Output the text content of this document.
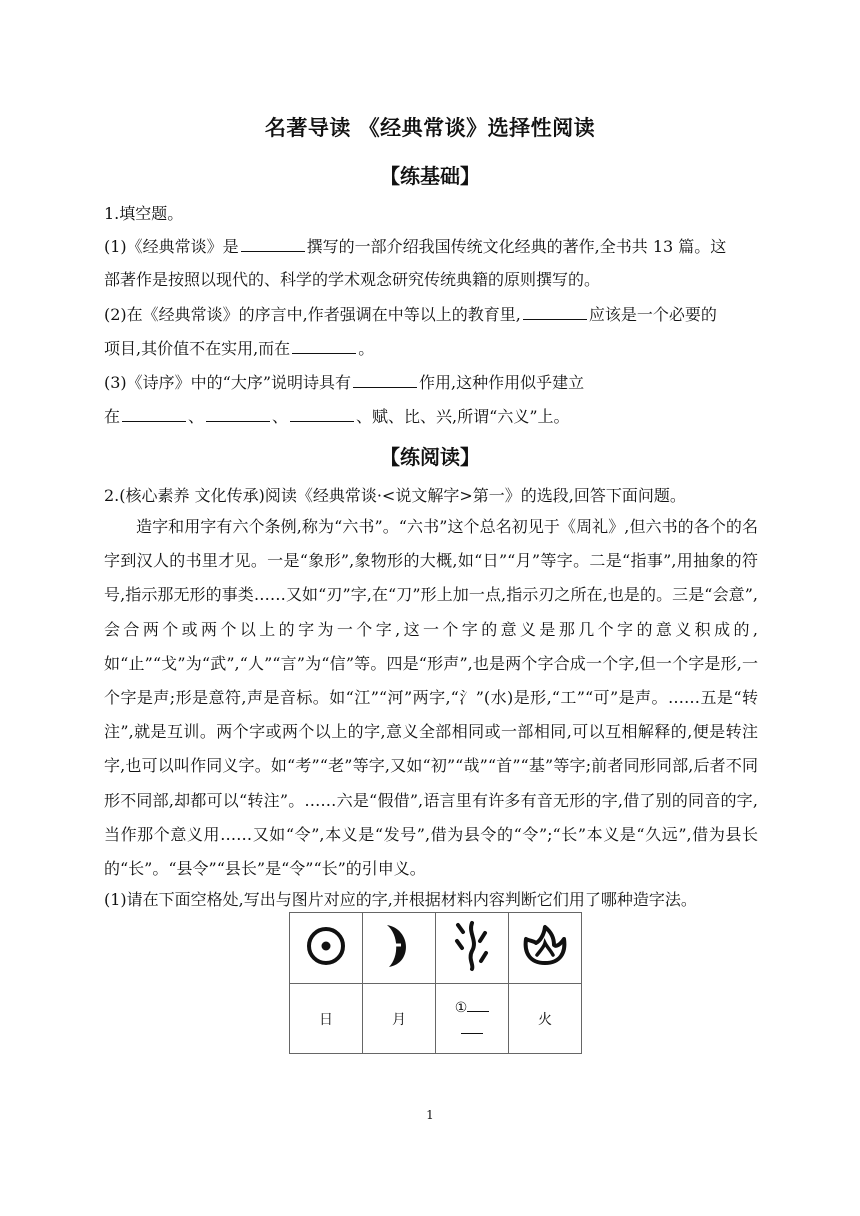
名著导读 《经典常谈》选择性阅读
【练基础】
1.填空题。
(1)《经典常谈》是	撰写的一部介绍我国传统文化经典的著作,全书共 13 篇。这
部著作是按照以现代的、科学的学术观念研究传统典籍的原则撰写的。
(2)在《经典常谈》的序言中,作者强调在中等以上的教育里,	应该是一个必要的
项目,其价值不在实用,而在	。
(3)《诗序》中的“大序”说明诗具有	作用,这种作用似乎建立
在	、	、	、赋、比、兴,所谓“六义”上。
【练阅读】
2.(核心素养 文化传承)阅读《经典常谈·<说文解字>第一》的选段,回答下面问题。

造字和用字有六个条例,称为“六书”。“六书”这个总名初见于《周礼》,但六书的各个的名字到汉人的书里才见。一是“象形”,象物形的大概,如“日”“月”等字。二是“指事”,用抽象的符号,指示那无形的事类……又如“刃”字,在“刀”形上加一点,指示刃之所在,也是的。三是“会意”,会合两个或两个以上的字为一个字,这一个字的意义是那几个字的意义积成的,如“止”“戈”为“武”,“人”“言”为“信”等。四是“形声”,也是两个字合成一个字,但一个字是形,一个字是声;形是意符,声是音标。如“江”“河”两字,“氵”(水)是形,“工”“可”是声。……五是“转注”,就是互训。两个字或两个以上的字,意义全部相同或一部相同,可以互相解释的,便是转注字,也可以叫作同义字。如“考”“老”等字,又如“初”“哉”“首”“基”等字;前者同形同部,后者不同形不同部,却都可以“转注”。……六是“假借”,语言里有许多有音无形的字,借了别的同音的字,当作那个意义用……又如“令”,本义是“发号”,借为县令的“令”;“长”本义是“久远”,借为县长的“长”。“县令”“县长”是“令”“长”的引申义。

(1)请在下面空格处,写出与图片对应的字,并根据材料内容判断它们用了哪种造字法。

日	月	①	火
1
